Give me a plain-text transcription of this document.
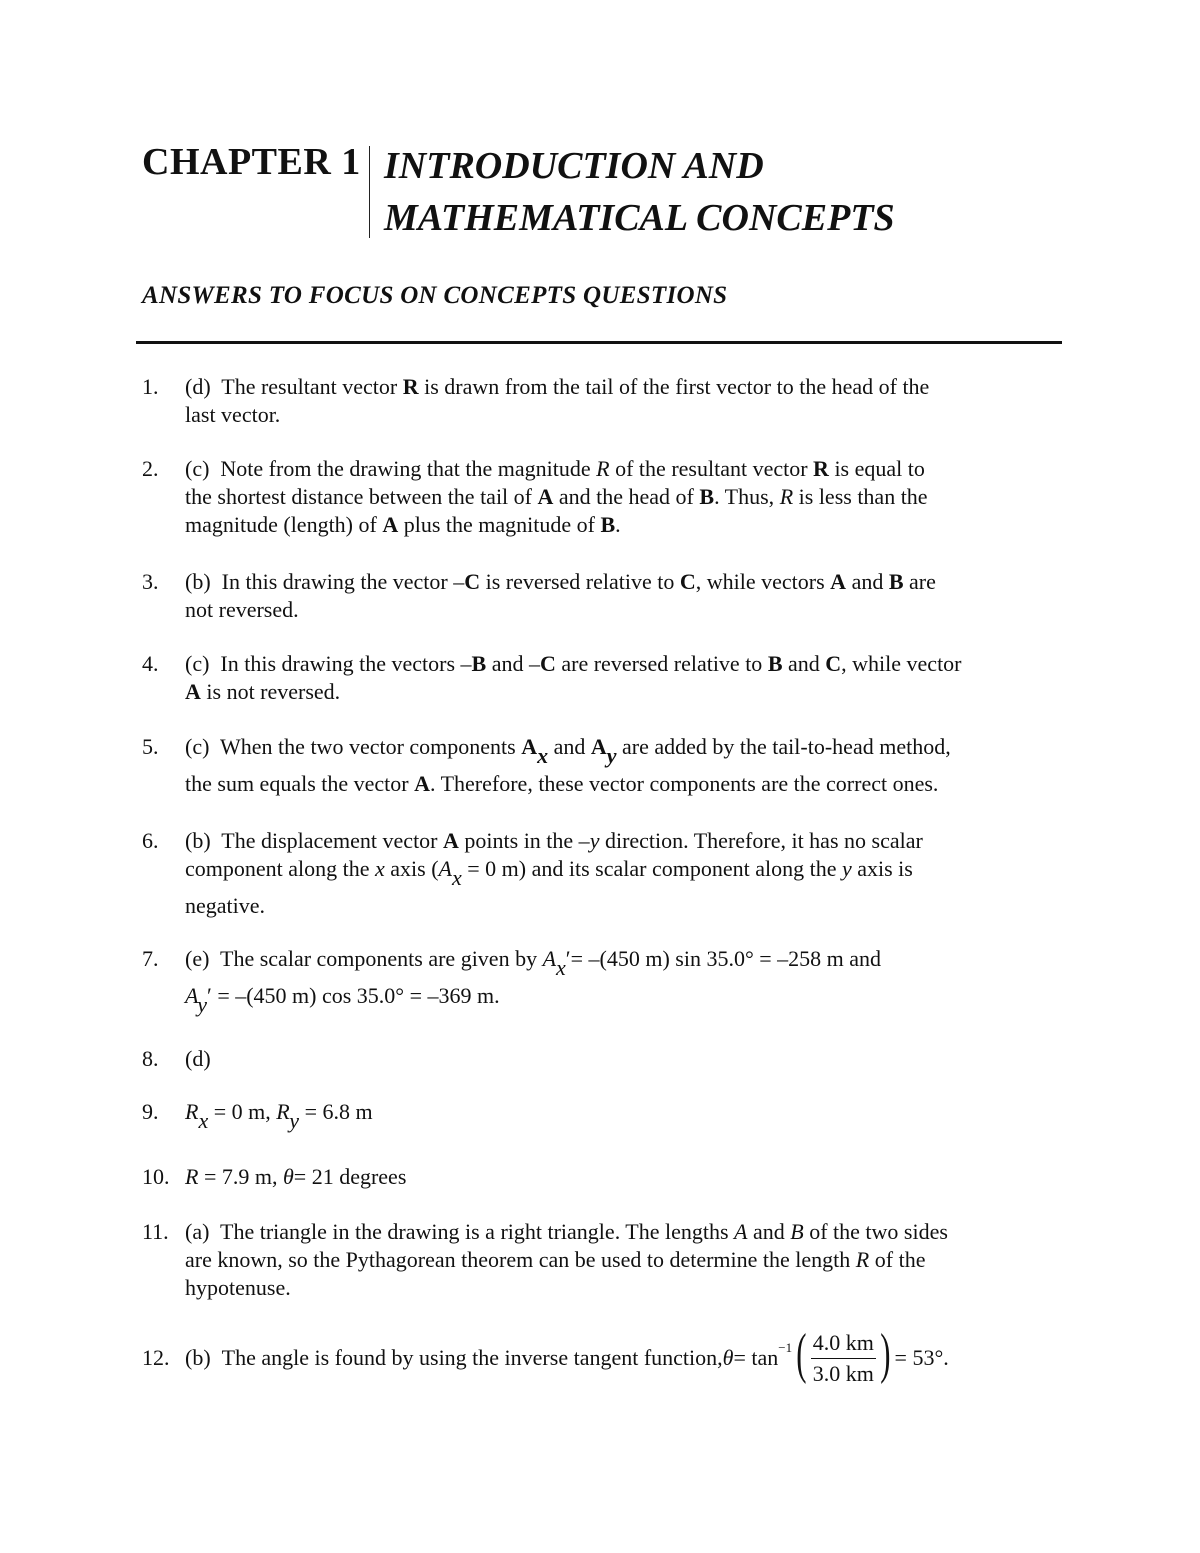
CHAPTER 1 INTRODUCTION AND
MATHEMATICAL CONCEPTS
ANSWERS TO FOCUS ON CONCEPTS QUESTIONS
1.	(d) The resultant vector R is drawn from the tail of the first vector to the head of the
last vector.
2.	(c) Note from the drawing that the magnitude R of the resultant vector R is equal to
the shortest distance between the tail of A and the head of B. Thus, R is less than the
magnitude (length) of A plus the magnitude of B.
3.	(b) In this drawing the vector –C is reversed relative to C, while vectors A and B are
not reversed.
4.	(c) In this drawing the vectors –B and –C are reversed relative to B and C, while vector
A is not reversed.
5.	(c) When the two vector components Ax and Ay are added by the tail-to-head method,
the sum equals the vector A. Therefore, these vector components are the correct ones.
6.	(b) The displacement vector A points in the –y direction. Therefore, it has no scalar
component along the x axis (Ax = 0 m) and its scalar component along the y axis is
negative.
7.	(e) The scalar components are given by Ax′= –(450 m) sin 35.0° = –258 m and
Ay′ = –(450 m) cos 35.0° = –369 m.
8.	(d)
9.	Rx = 0 m, Ry = 6.8 m
10. R = 7.9 m, θ= 21 degrees
11. (a) The triangle in the drawing is a right triangle. The lengths A and B of the two sides
are known, so the Pythagorean theorem can be used to determine the length R of the
hypotenuse.
12. (b)
The angle is found by using the inverse tangent function, θ = tan −1 ( $\frac{4.0 km}{3.0 km}$ ) = 53°.
